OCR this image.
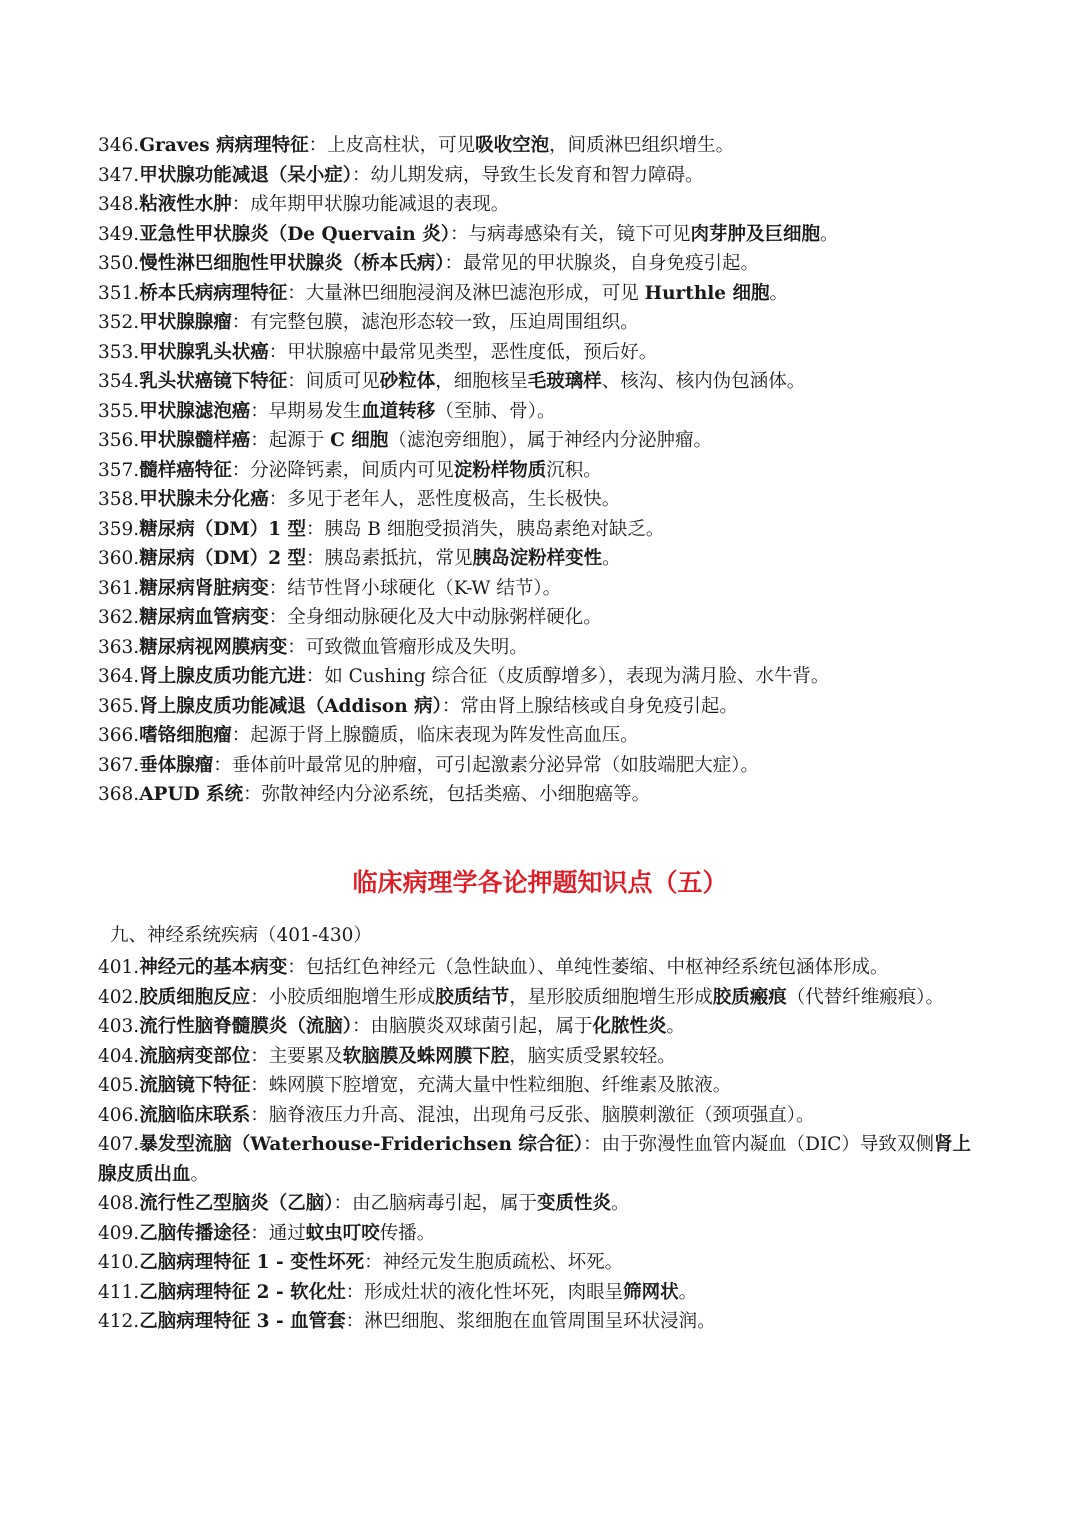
346.Graves 病病理特征：上皮高柱状，可见吸收空泡，间质淋巴组织增生。

347.甲状腺功能减退（呆小症）：幼儿期发病，导致生长发育和智力障碍。

348.粘液性水肿：成年期甲状腺功能减退的表现。

349.亚急性甲状腺炎（De Quervain 炎）：与病毒感染有关，镜下可见肉芽肿及巨细胞。

350.慢性淋巴细胞性甲状腺炎（桥本氏病）：最常见的甲状腺炎，自身免疫引起。

351.桥本氏病病理特征：大量淋巴细胞浸润及淋巴滤泡形成，可见 Hurthle 细胞。

352.甲状腺腺瘤：有完整包膜，滤泡形态较一致，压迫周围组织。

353.甲状腺乳头状癌：甲状腺癌中最常见类型，恶性度低，预后好。

354.乳头状癌镜下特征：间质可见砂粒体，细胞核呈毛玻璃样、核沟、核内伪包涵体。

355.甲状腺滤泡癌：早期易发生血道转移（至肺、骨）。

356.甲状腺髓样癌：起源于 C 细胞（滤泡旁细胞），属于神经内分泌肿瘤。

357.髓样癌特征：分泌降钙素，间质内可见淀粉样物质沉积。

358.甲状腺未分化癌：多见于老年人，恶性度极高，生长极快。

359.糖尿病（DM）1 型：胰岛 B 细胞受损消失，胰岛素绝对缺乏。

360.糖尿病（DM）2 型：胰岛素抵抗，常见胰岛淀粉样变性。

361.糖尿病肾脏病变：结节性肾小球硬化（K-W 结节）。

362.糖尿病血管病变：全身细动脉硬化及大中动脉粥样硬化。

363.糖尿病视网膜病变：可致微血管瘤形成及失明。

364.肾上腺皮质功能亢进：如 Cushing 综合征（皮质醇增多），表现为满月脸、水牛背。

365.肾上腺皮质功能减退（Addison 病）：常由肾上腺结核或自身免疫引起。

366.嗜铬细胞瘤：起源于肾上腺髓质，临床表现为阵发性高血压。

367.垂体腺瘤：垂体前叶最常见的肿瘤，可引起激素分泌异常（如肢端肥大症）。

368.APUD 系统：弥散神经内分泌系统，包括类癌、小细胞癌等。

临床病理学各论押题知识点（五）
九、神经系统疾病（401-430）

401.神经元的基本病变：包括红色神经元（急性缺血）、单纯性萎缩、中枢神经系统包涵体形成。

402.胶质细胞反应：小胶质细胞增生形成胶质结节，星形胶质细胞增生形成胶质瘢痕（代替纤维瘢痕）。

403.流行性脑脊髓膜炎（流脑）：由脑膜炎双球菌引起，属于化脓性炎。

404.流脑病变部位：主要累及软脑膜及蛛网膜下腔，脑实质受累较轻。

405.流脑镜下特征：蛛网膜下腔增宽，充满大量中性粒细胞、纤维素及脓液。

406.流脑临床联系：脑脊液压力升高、混浊，出现角弓反张、脑膜刺激征（颈项强直）。

407.暴发型流脑（Waterhouse-Friderichsen 综合征）：由于弥漫性血管内凝血（DIC）导致双侧肾上腺皮质出血。

408.流行性乙型脑炎（乙脑）：由乙脑病毒引起，属于变质性炎。

409.乙脑传播途径：通过蚊虫叮咬传播。

410.乙脑病理特征 1 - 变性坏死：神经元发生胞质疏松、坏死。

411.乙脑病理特征 2 - 软化灶：形成灶状的液化性坏死，肉眼呈筛网状。

412.乙脑病理特征 3 - 血管套：淋巴细胞、浆细胞在血管周围呈环状浸润。
